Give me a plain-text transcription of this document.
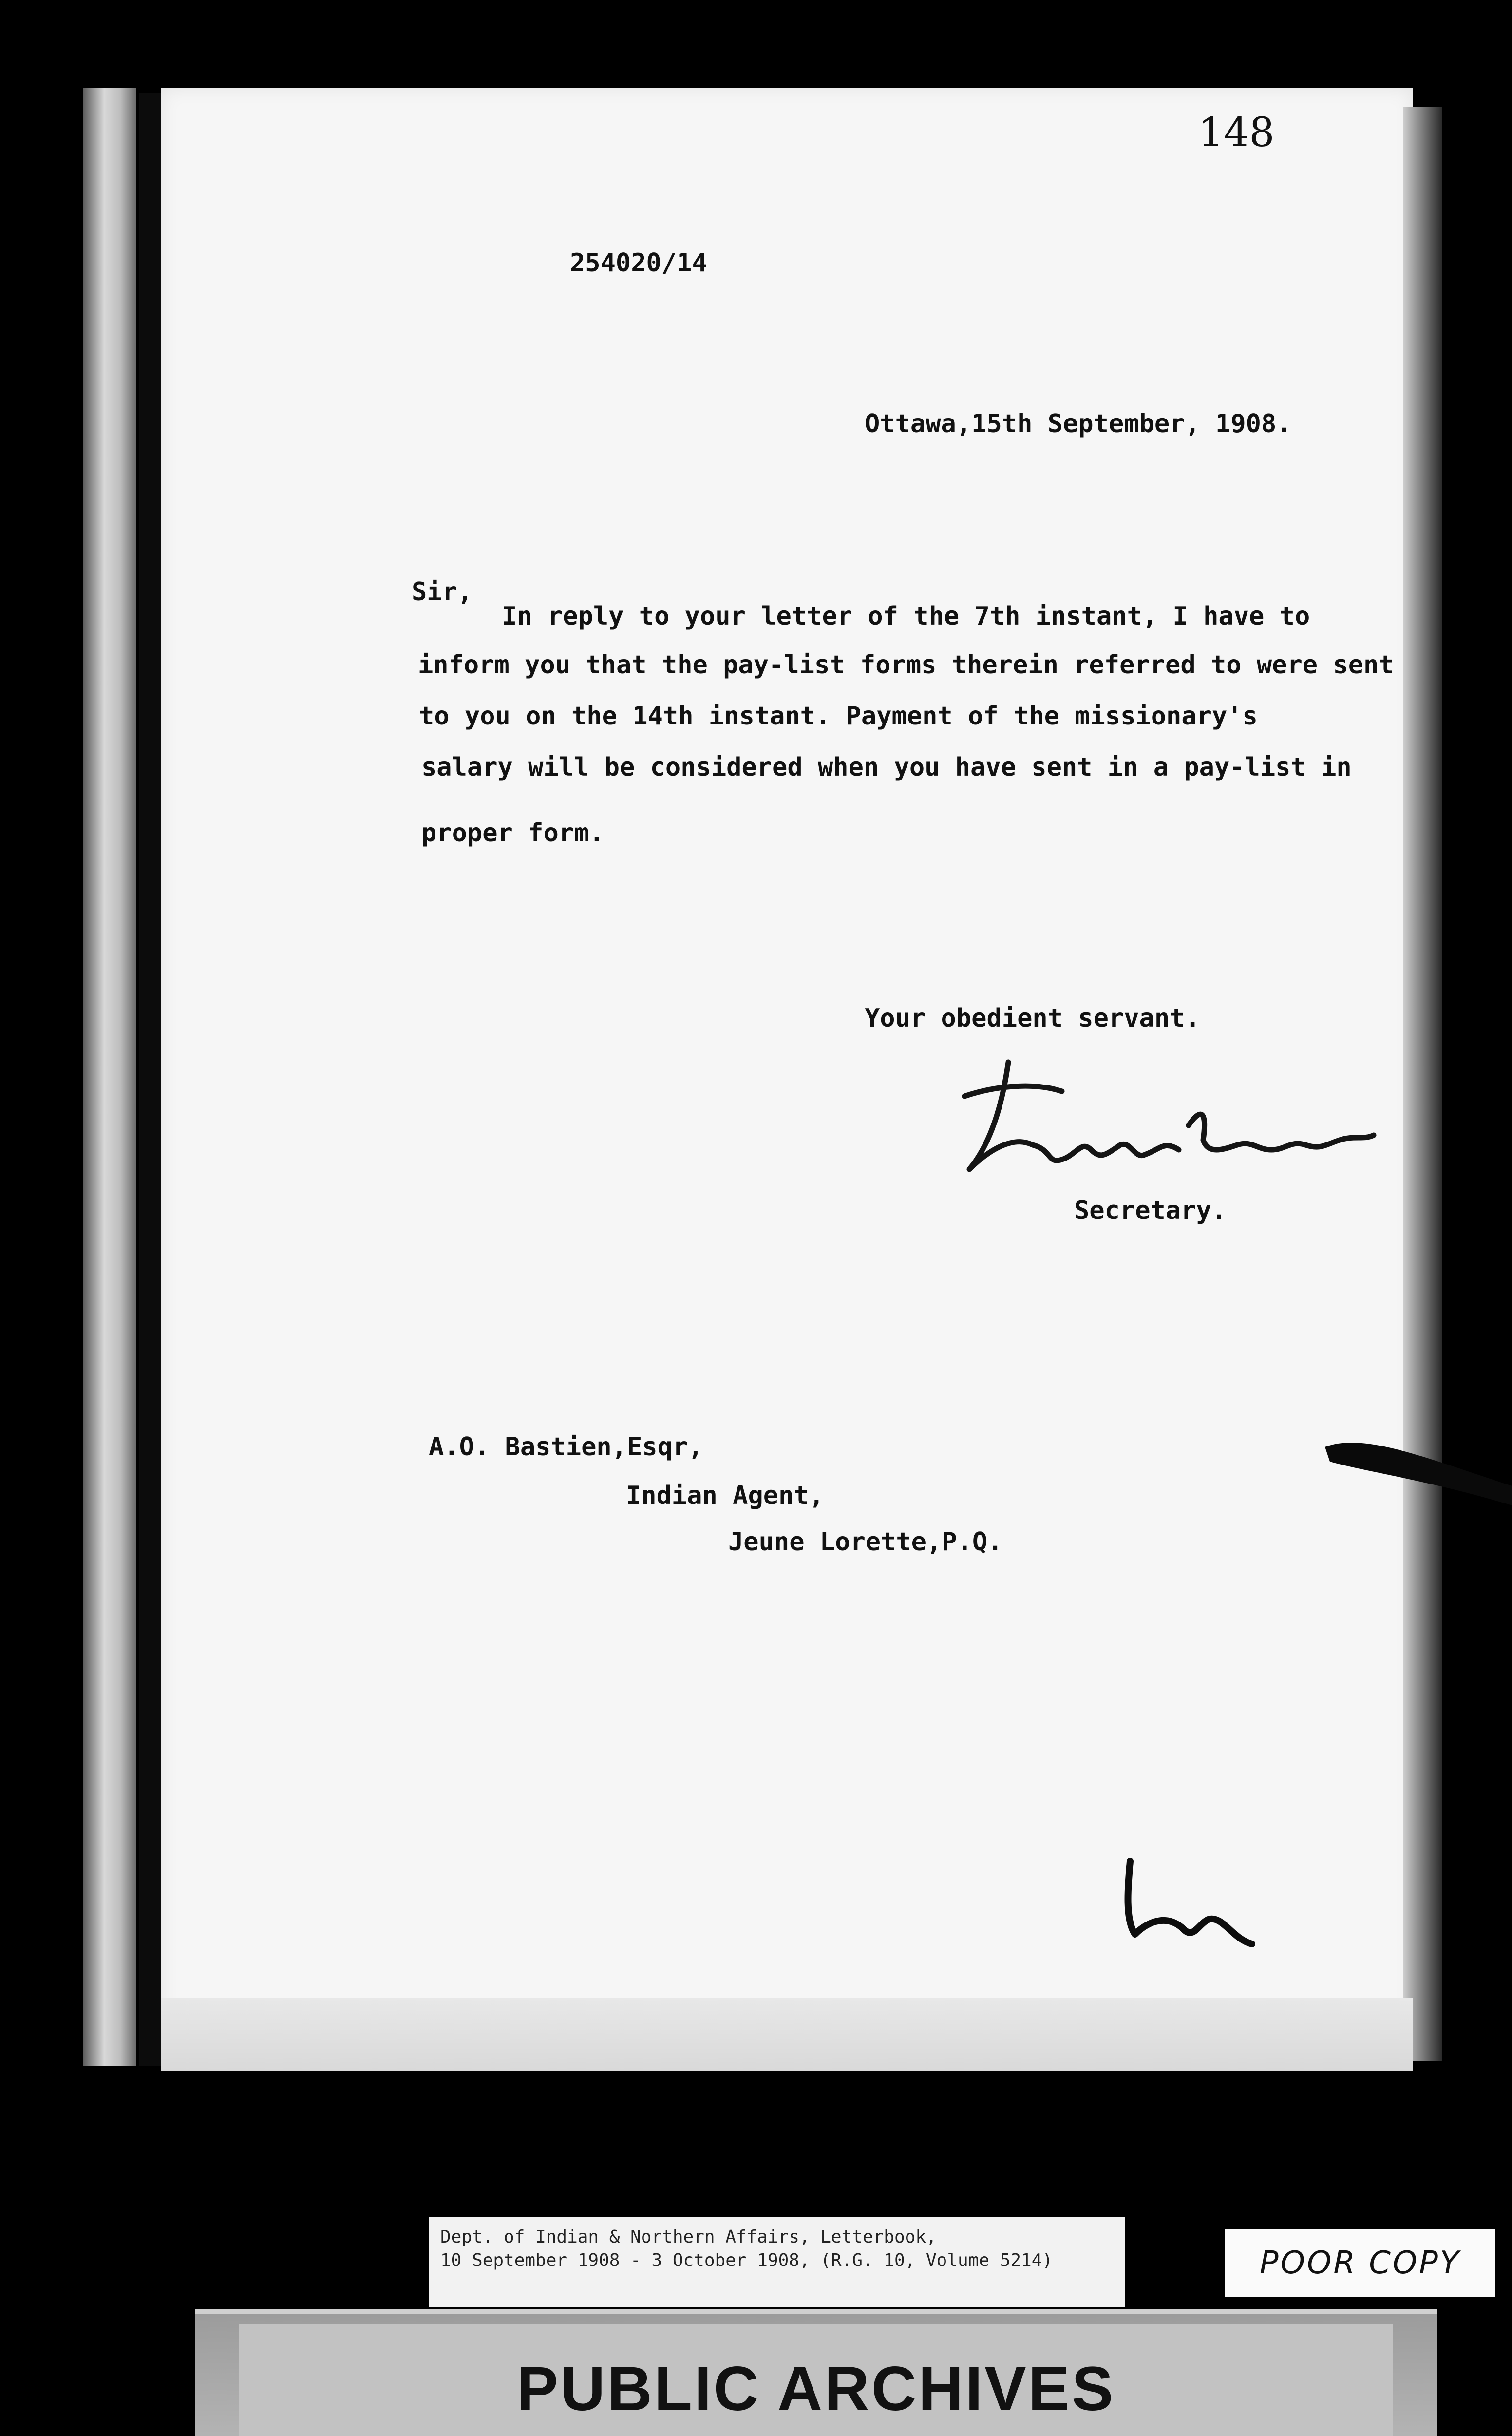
148
254020/14
Ottawa,15th September, 1908.
Sir,
In reply to your letter of the 7th instant, I have to
inform you that the pay-list forms therein referred to were sent
to you on the 14th instant. Payment of the missionary's
salary will be considered when you have sent in a pay-list in
proper form.
Your obedient servant.
Secretary.
A.O. Bastien,Esqr,
Indian Agent,
Jeune Lorette,P.Q.
Dept. of Indian & Northern Affairs, Letterbook,
10 September 1908 - 3 October 1908, (R.G. 10, Volume 5214)	POOR COPY
PUBLIC ARCHIVES
